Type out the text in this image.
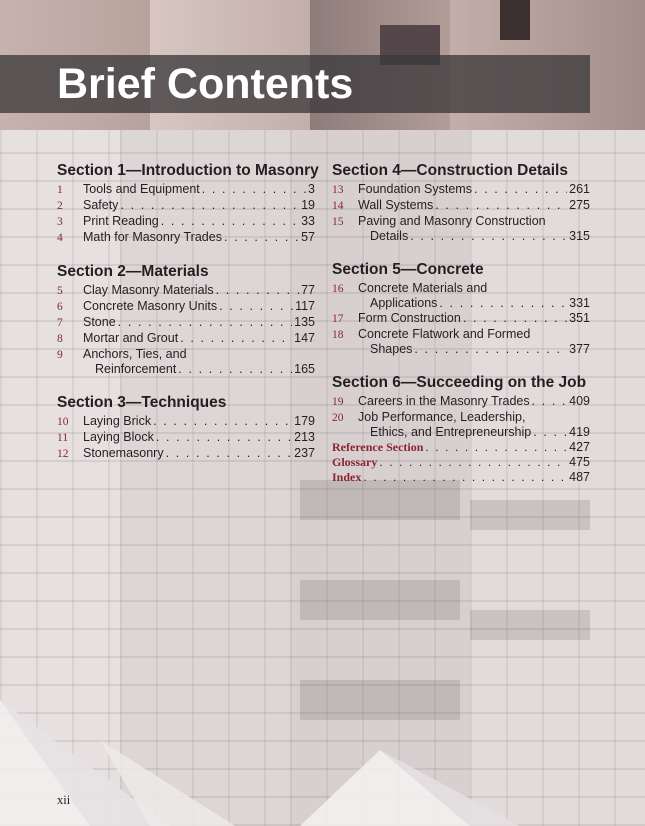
Brief Contents
Section 1—Introduction to Masonry
1	Tools and Equipment . . .	3
2	Safety . . .	19
3	Print Reading . . .	33
4	Math for Masonry Trades . . .	57
Section 2—Materials
5	Clay Masonry Materials . . .	77
6	Concrete Masonry Units . . .	117
7	Stone . . .	135
8	Mortar and Grout . . .	147
9	Anchors, Ties, and
Reinforcement . . .	165
Section 3—Techniques
10	Laying Brick . . .	179
11	Laying Block . . .	213
12	Stonemasonry . . .	237
Section 4—Construction Details
13	Foundation Systems . . .	261
14	Wall Systems . . .	275
15	Paving and Masonry Construction
Details . . .	315
Section 5—Concrete
16	Concrete Materials and
Applications . . .	331
17	Form Construction . . .	351
18	Concrete Flatwork and Formed
Shapes . . .	377
Section 6—Succeeding on the Job
19	Careers in the Masonry Trades . . .	409
20	Job Performance, Leadership,
Ethics, and Entrepreneurship . . .	419
Reference Section . . .	427
Glossary . . .	475
Index . . .	487

xii
